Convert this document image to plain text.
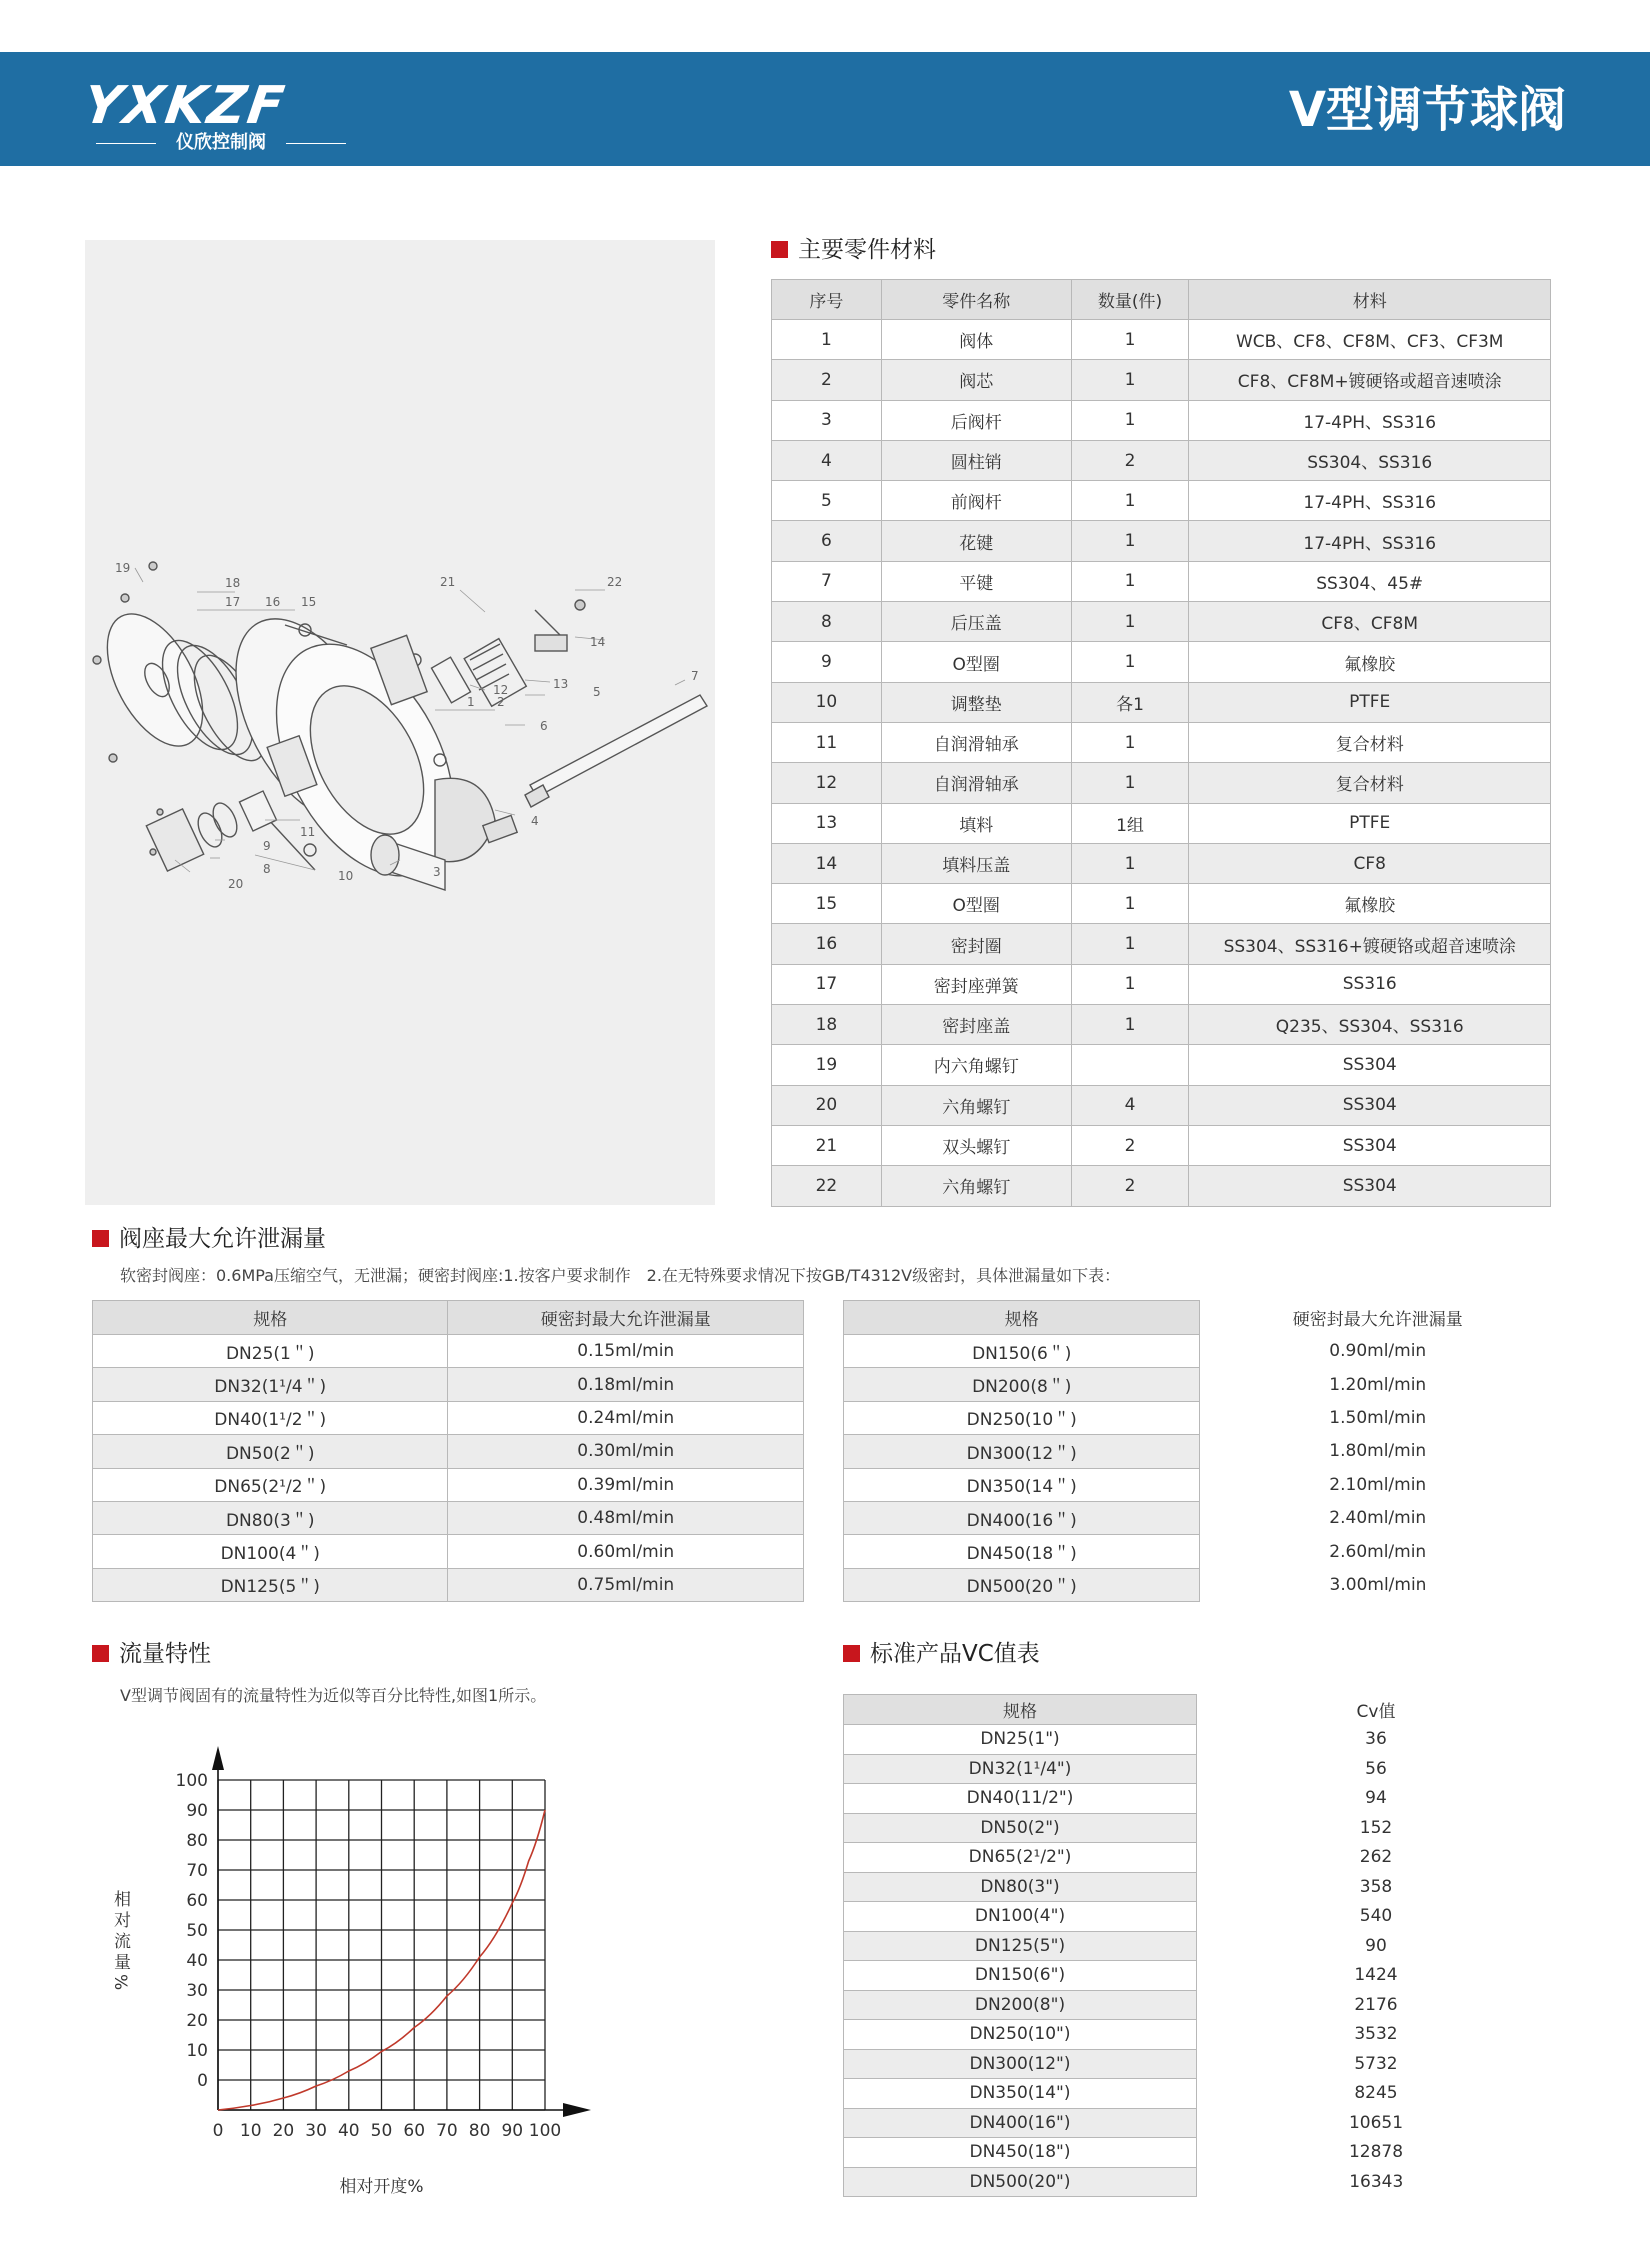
YXKZF
仪欣控制阀
V型调节球阀
19
18
17 16 15
21	22
14
13
12
1 2
5
7
6
11
9
8
20
10	3
4
主要零件材料
序号	零件名称	数量(件)	材料
1	阀体	1	WCB、CF8、CF8M、CF3、CF3M
2	阀芯	1	CF8、CF8M+镀硬铬或超音速喷涂
3	后阀杆	1	17-4PH、SS316
4	圆柱销	2	SS304、SS316
5	前阀杆	1	17-4PH、SS316
6	花键	1	17-4PH、SS316
7	平键	1	SS304、45#
8	后压盖	1	CF8、CF8M
9	O型圈	1	氟橡胶
10	调整垫	各1	PTFE
11	自润滑轴承	1	复合材料
12	自润滑轴承	1	复合材料
13	填料	1组	PTFE
14	填料压盖	1	CF8
15	O型圈	1	氟橡胶
16	密封圈	1	SS304、SS316+镀硬铬或超音速喷涂
17	密封座弹簧	1	SS316
18	密封座盖	1	Q235、SS304、SS316
19	内六角螺钉		SS304
20	六角螺钉	4	SS304
21	双头螺钉	2	SS304
22	六角螺钉	2	SS304
阀座最大允许泄漏量
软密封阀座：0.6MPa压缩空气，无泄漏；硬密封阀座:1.按客户要求制作　2.在无特殊要求情况下按GB/T4312V级密封，具体泄漏量如下表：
规格	硬密封最大允许泄漏量
DN25(1＂)	0.15ml/min
DN32(1¹/4＂)	0.18ml/min
DN40(1¹/2＂)	0.24ml/min
DN50(2＂)	0.30ml/min
DN65(2¹/2＂)	0.39ml/min
DN80(3＂)	0.48ml/min
DN100(4＂)	0.60ml/min
DN125(5＂)	0.75ml/min
规格	硬密封最大允许泄漏量
DN150(6＂)	0.90ml/min
DN200(8＂)	1.20ml/min
DN250(10＂)	1.50ml/min
DN300(12＂)	1.80ml/min
DN350(14＂)	2.10ml/min
DN400(16＂)	2.40ml/min
DN450(18＂)	2.60ml/min
DN500(20＂)	3.00ml/min
流量特性
V型调节阀固有的流量特性为近似等百分比特性,如图1所示。
0
10
20
30
40
50
60
70
80
90
100
0 10 20 30 40 50 60 70 80 90 100
相对流量%
相对开度%
标准产品VC值表
规格	Cv值
DN25(1")	36
DN32(1¹/4")	56
DN40(11/2")	94
DN50(2")	152
DN65(2¹/2")	262
DN80(3")	358
DN100(4")	540
DN125(5")	90
DN150(6")	1424
DN200(8")	2176
DN250(10")	3532
DN300(12")	5732
DN350(14")	8245
DN400(16")	10651
DN450(18")	12878
DN500(20")	16343
